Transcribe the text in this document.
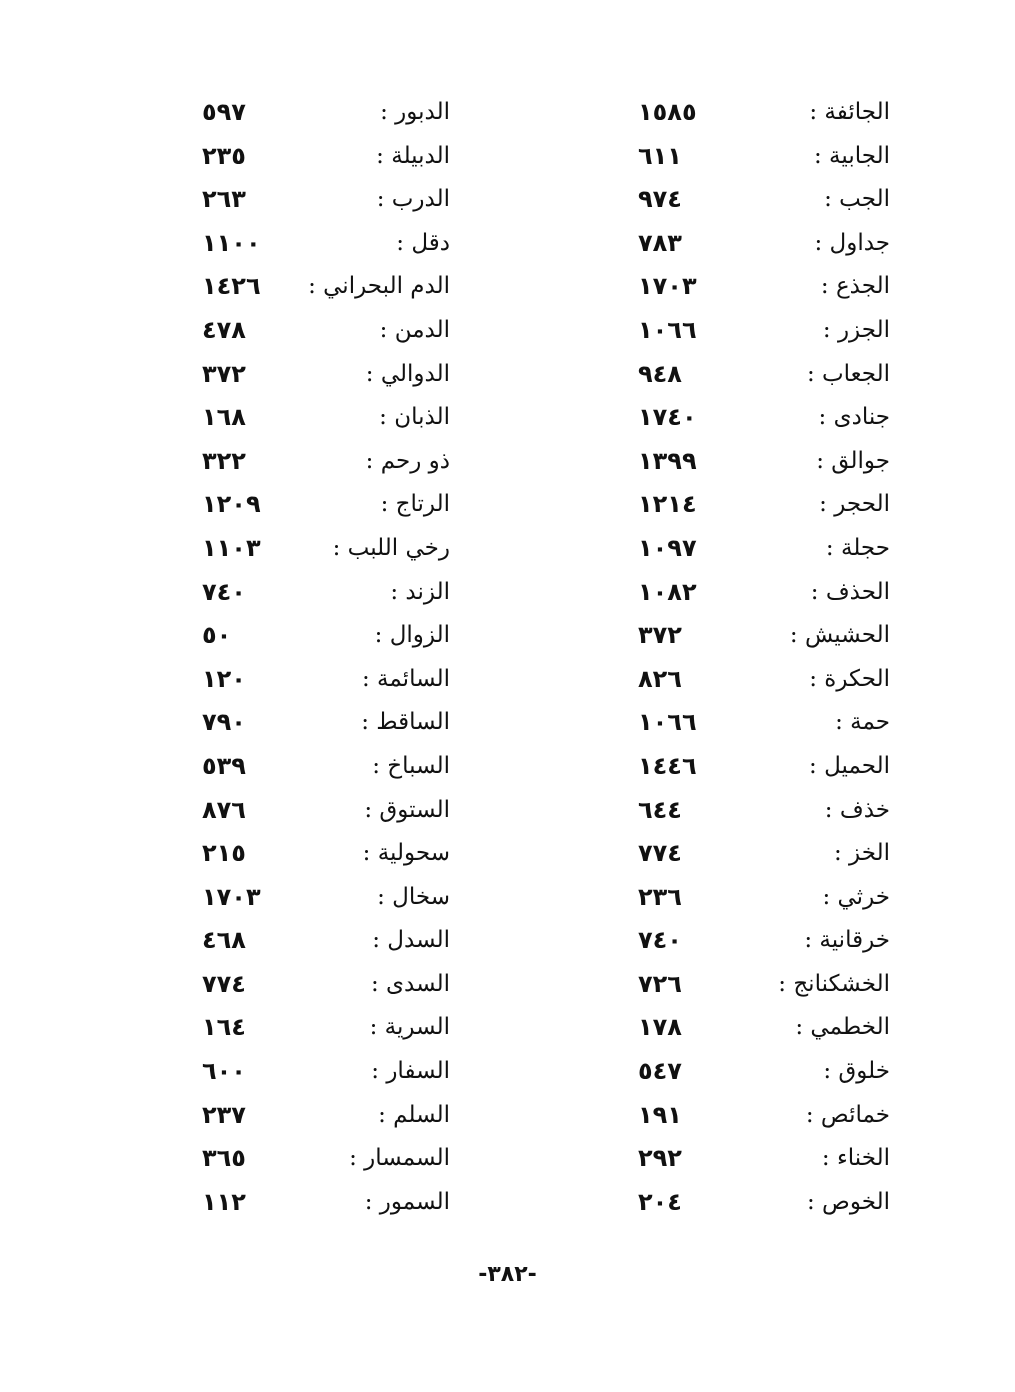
الجائفة :
١٥٨٥
الجابية :
٦١١
الجب :
٩٧٤
جداول :
٧٨٣
الجذع :
١٧٠٣
الجزر :
١٠٦٦
الجعاب :
٩٤٨
جنادى :
١٧٤٠
جوالق :
١٣٩٩
الحجر :
١٢١٤
حجلة :
١٠٩٧
الحذف :
١٠٨٢
الحشيش :
٣٧٢
الحكرة :
٨٢٦
حمة :
١٠٦٦
الحميل :
١٤٤٦
خذف :
٦٤٤
الخز :
٧٧٤
خرثي :
٢٣٦
خرقانية :
٧٤٠
الخشكنانج :
٧٢٦
الخطمي :
١٧٨
خلوق :
٥٤٧
خمائص :
١٩١
الخناء :
٢٩٢
الخوص :
٢٠٤
الدبور :
٥٩٧
الدبيلة :
٢٣٥
الدرب :
٢٦٣
دقل :
١١٠٠
الدم البحراني :
١٤٢٦
الدمن :
٤٧٨
الدوالي :
٣٧٢
الذبان :
١٦٨
ذو رحم :
٣٢٢
الرتاج :
١٢٠٩
رخي اللبب :
١١٠٣
الزند :
٧٤٠
الزوال :
٥٠
السائمة :
١٢٠
الساقط :
٧٩٠
السباخ :
٥٣٩
الستوق :
٨٧٦
سحولية :
٢١٥
سخال :
١٧٠٣
السدل :
٤٦٨
السدى :
٧٧٤
السرية :
١٦٤
السفار :
٦٠٠
السلم :
٢٣٧
السمسار :
٣٦٥
السمور :
١١٢
-٣٨٢-
